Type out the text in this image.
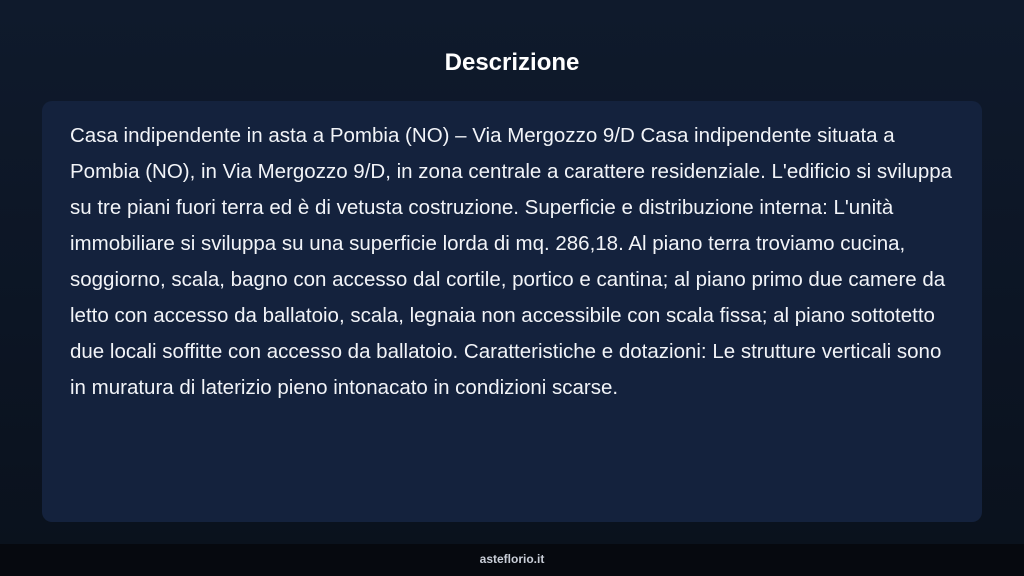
Descrizione

Casa indipendente in asta a Pombia (NO) – Via Mergozzo 9/D Casa indipendente situata a Pombia (NO), in Via Mergozzo 9/D, in zona centrale a carattere residenziale. L'edificio si sviluppa su tre piani fuori terra ed è di vetusta costruzione. Superficie e distribuzione interna: L'unità immobiliare si sviluppa su una superficie lorda di mq. 286,18. Al piano terra troviamo cucina, soggiorno, scala, bagno con accesso dal cortile, portico e cantina; al piano primo due camere da letto con accesso da ballatoio, scala, legnaia non accessibile con scala fissa; al piano sottotetto due locali soffitte con accesso da ballatoio. Caratteristiche e dotazioni: Le strutture verticali sono in muratura di laterizio pieno intonacato in condizioni scarse.

asteflorio.it
